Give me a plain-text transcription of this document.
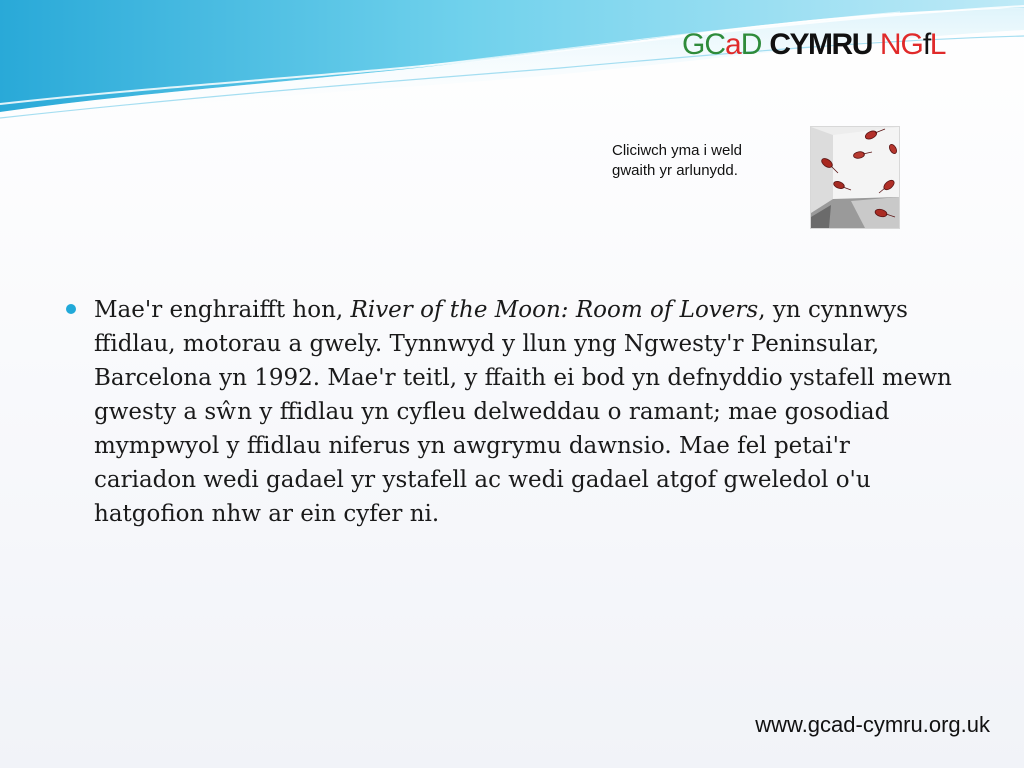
GCaD CYMRU NGfL
Cliciwch yma i weld
gwaith yr arlunydd.
Mae'r enghraifft hon, River of the Moon: Room of Lovers, yn cynnwys ffidlau, motorau a gwely. Tynnwyd y llun yng Ngwesty'r Peninsular, Barcelona yn 1992. Mae'r teitl, y ffaith ei bod yn defnyddio ystafell mewn gwesty a sŵn y ffidlau yn cyfleu delweddau o ramant; mae gosodiad mympwyol y ffidlau niferus yn awgrymu dawnsio. Mae fel petai'r cariadon wedi gadael yr ystafell ac wedi gadael atgof gweledol o'u hatgofion nhw ar ein cyfer ni.
www.gcad-cymru.org.uk
